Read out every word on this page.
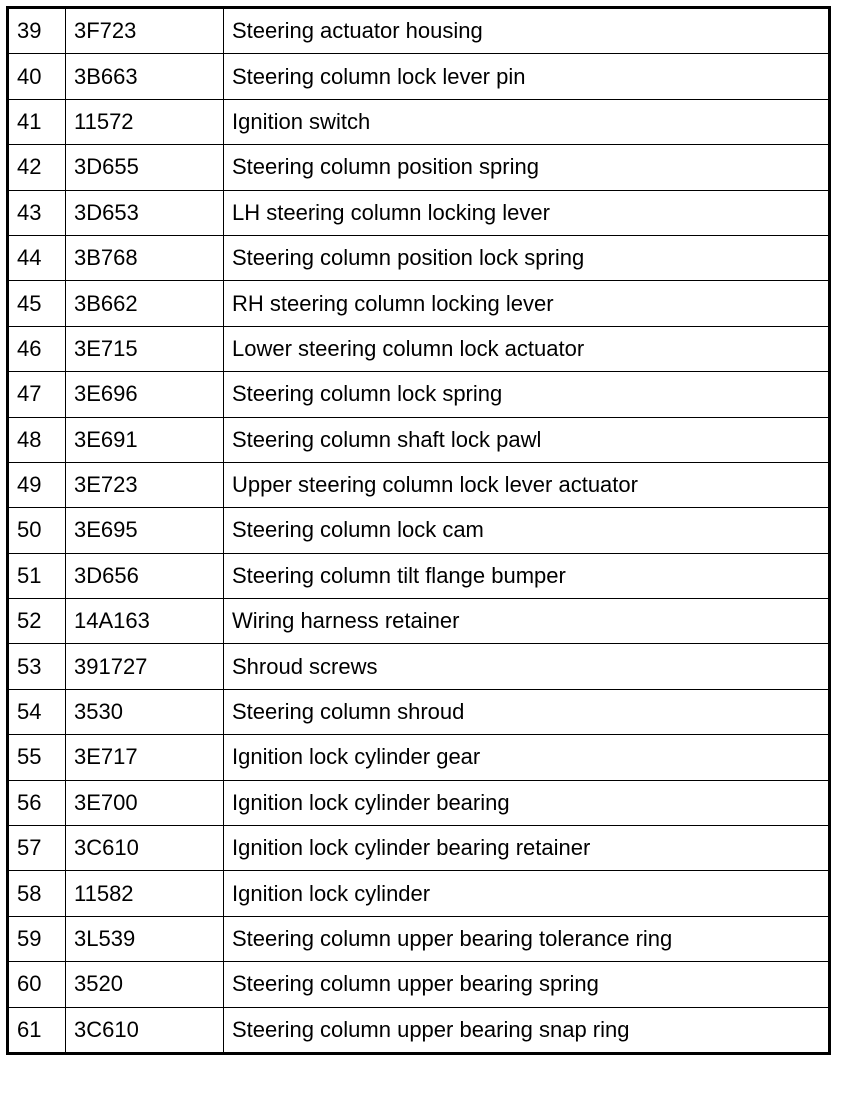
39	3F723	Steering actuator housing
40	3B663	Steering column lock lever pin
41	11572	Ignition switch
42	3D655	Steering column position spring
43	3D653	LH steering column locking lever
44	3B768	Steering column position lock spring
45	3B662	RH steering column locking lever
46	3E715	Lower steering column lock actuator
47	3E696	Steering column lock spring
48	3E691	Steering column shaft lock pawl
49	3E723	Upper steering column lock lever actuator
50	3E695	Steering column lock cam
51	3D656	Steering column tilt flange bumper
52	14A163	Wiring harness retainer
53	391727	Shroud screws
54	3530	Steering column shroud
55	3E717	Ignition lock cylinder gear
56	3E700	Ignition lock cylinder bearing
57	3C610	Ignition lock cylinder bearing retainer
58	11582	Ignition lock cylinder
59	3L539	Steering column upper bearing tolerance ring
60	3520	Steering column upper bearing spring
61	3C610	Steering column upper bearing snap ring
